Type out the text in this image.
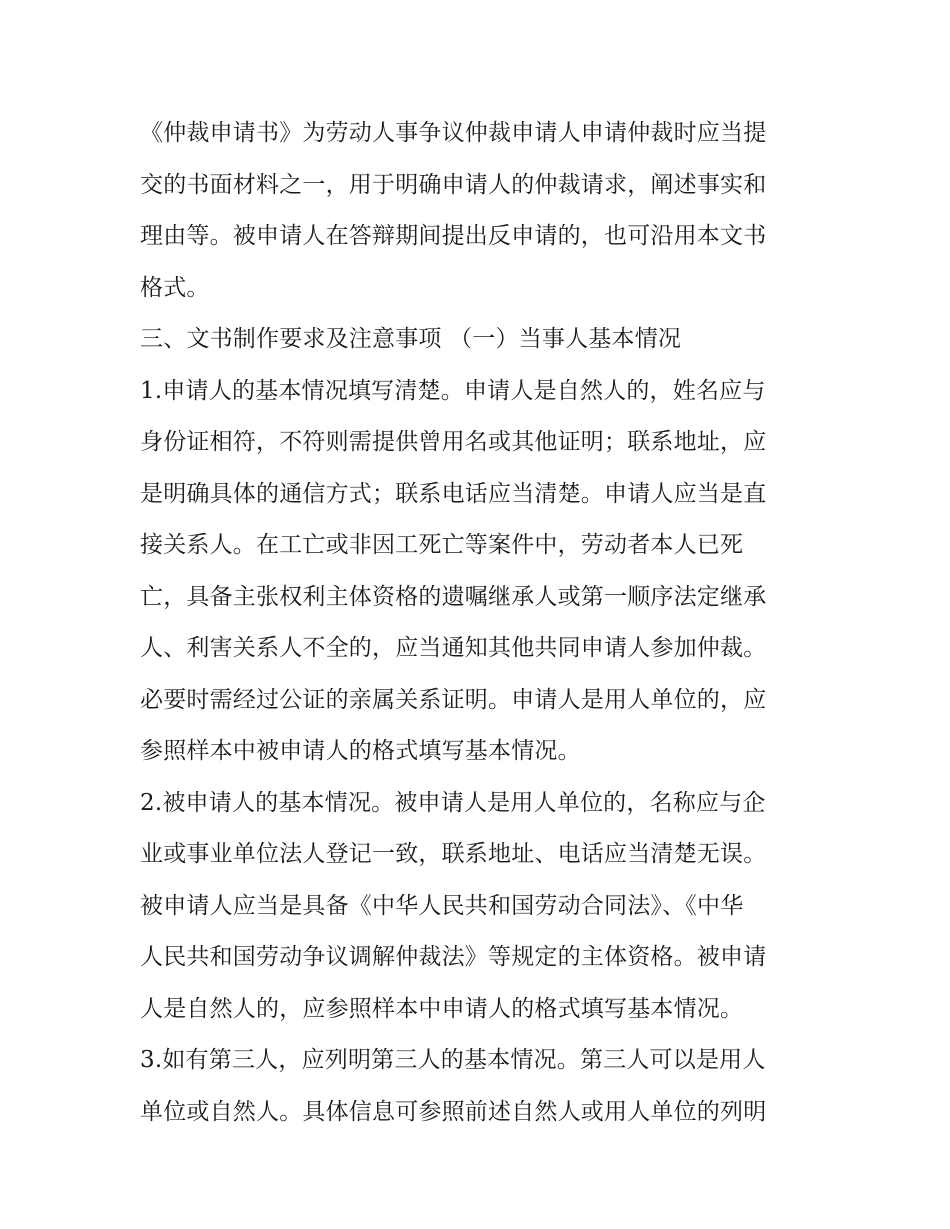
《仲裁申请书》为劳动人事争议仲裁申请人申请仲裁时应当提
交的书面材料之一，用于明确申请人的仲裁请求，阐述事实和
理由等。被申请人在答辩期间提出反申请的，也可沿用本文书
格式。
三、文书制作要求及注意事项 （一）当事人基本情况
1.申请人的基本情况填写清楚。申请人是自然人的，姓名应与
身份证相符，不符则需提供曾用名或其他证明；联系地址，应
是明确具体的通信方式；联系电话应当清楚。申请人应当是直
接关系人。在工亡或非因工死亡等案件中，劳动者本人已死
亡，具备主张权利主体资格的遗嘱继承人或第一顺序法定继承
人、利害关系人不全的，应当通知其他共同申请人参加仲裁。
必要时需经过公证的亲属关系证明。申请人是用人单位的，应
参照样本中被申请人的格式填写基本情况。
2.被申请人的基本情况。被申请人是用人单位的，名称应与企
业或事业单位法人登记一致，联系地址、电话应当清楚无误。
被申请人应当是具备《中华人民共和国劳动合同法》、《中华
人民共和国劳动争议调解仲裁法》等规定的主体资格。被申请
人是自然人的，应参照样本中申请人的格式填写基本情况。
3.如有第三人，应列明第三人的基本情况。第三人可以是用人
单位或自然人。具体信息可参照前述自然人或用人单位的列明
